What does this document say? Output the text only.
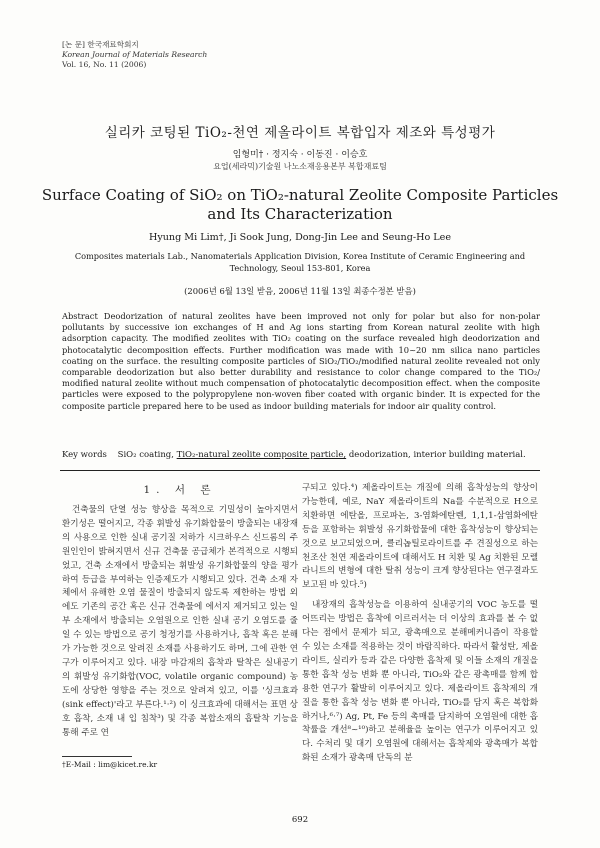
[논 문] 한국재료학회지
Korean Journal of Materials Research
Vol. 16, No. 11 (2006)
실리카 코팅된 TiO₂-천연 제올라이트 복합입자 제조와 특성평가
임형미† · 정지숙 · 이동진 · 이승호
요업(세라믹)기술원 나노소재응용본부 복합재료팀
Surface Coating of SiO₂ on TiO₂-natural Zeolite Composite Particles and Its Characterization
Hyung Mi Lim†, Ji Sook Jung, Dong-Jin Lee and Seung-Ho Lee
Composites materials Lab., Nanomaterials Application Division, Korea Institute of Ceramic Engineering and Technology, Seoul 153-801, Korea
(2006년 6월 13일 받음, 2006년 11월 13일 최종수정본 받음)
Abstract Deodorization of natural zeolites have been improved not only for polar but also for non-polar pollutants by successive ion exchanges of H and Ag ions starting from Korean natural zeolite with high adsorption capacity. The modified zeolites with TiO₂ coating on the surface revealed high deodorization and photocatalytic decomposition effects. Further modification was made with 10~20 nm silica nano particles coating on the surface. the resulting composite particles of SiO₂/TiO₂/modified natural zeolite revealed not only comparable deodorization but also better durability and resistance to color change compared to the TiO₂/ modified natural zeolite without much compensation of photocatalytic decomposition effect. when the composite particles were exposed to the polypropylene non-woven fiber coated with organic binder. It is expected for the composite particle prepared here to be used as indoor building materials for indoor air quality control.
Key words SiO₂ coating, TiO₂-natural zeolite composite particle, deodorization, interior building material.
1. 서 론

건축물의 단열 성능 향상을 목적으로 기밀성이 높아지면서 환기성은 떨어지고, 각종 휘발성 유기화합물이 방출되는 내장재의 사용으로 인한 실내 공기질 저하가 시크하우스 신드롬의 주 원인인이 밝혀지면서 신규 건축물 공급체가 본격적으로 시행되었고, 건축 소재에서 방출되는 휘발성 유기화합물의 양을 평가하여 등급을 부여하는 인증제도가 시행되고 있다. 건축 소재 자체에서 유해한 오염 물질이 방출되지 않도록 제한하는 방법 외에도 기존의 공간 혹은 신규 건축물에 에서지 제거되고 있는 일부 소재에서 방출되는 오염원으로 인한 실내 공기 오염도를 줄일 수 있는 방법으로 공기 청정기를 사용하거나, 흡착 혹은 분해가 가능한 것으로 알려진 소재를 사용하기도 하며, 그에 관한 연구가 이루어지고 있다. 내장 마감재의 흡착과 탈착은 실내공기의 휘발성 유기화합(VOC, volatile organic compound) 농도에 상당한 영향을 주는 것으로 알려져 있고, 이를 '싱크효과(sink effect)'라고 부른다.¹·²) 이 싱크효과에 대해서는 표면 상호 흡착, 소재 내 입 침착³) 및 각종 복합소재의 흡탈착 기능을 통해 주로 연

구되고 있다.⁴) 제올라이트는 개질에 의해 흡착성능의 향상이 가능한데, 예로, NaY 제올라이트의 Na를 수분적으로 H으로 치환하면 에탄올, 프로파논, 3-염화에탄렌, 1,1,1-삼염화에탄 등을 포함하는 휘발성 유기화합물에 대한 흡착성능이 향상되는 것으로 보고되었으며, 클리놉틸로라이트를 주 견질성으로 하는 천조산 천연 제올라이트에 대해서도 H 치환 및 Ag 치환된 모렐라니트의 변형에 대한 탈취 성능이 크게 향상된다는 연구결과도 보고된 바 있다.⁵)

내장재의 흡착성능을 이용하여 실내공기의 VOC 농도를 떨어뜨리는 방법은 흡착에 이르러서는 더 이상의 효과를 볼 수 없다는 점에서 문제가 되고, 광촉매으로 분해메커니즘이 작용할 수 있는 소재를 적용하는 것이 바람직하다. 따라서 활성탄, 제올라이트, 실리카 등과 같은 다양한 흡착제 및 이들 소재의 개질을 통한 흡착 성능 변화 뿐 아니라, TiO₂와 같은 광촉매를 함께 합용한 연구가 활발히 이루어지고 있다. 제올라이트 흡착제의 개질을 통한 흡착 성능 변화 뿐 아니라, TiO₂를 담지 혹은 복합화하거나,⁶·⁷) Ag, Pt, Fe 등의 촉매를 담지하여 오염원에 대한 흡착률을 개선⁸~¹⁰)하고 분해율을 높이는 연구가 이루어지고 있다. 수처리 및 대기 오염원에 대해서는 흡착제와 광촉매가 복합화된 소재가 광촉매 단독의 분

†E-Mail : lim@kicet.re.kr
692
